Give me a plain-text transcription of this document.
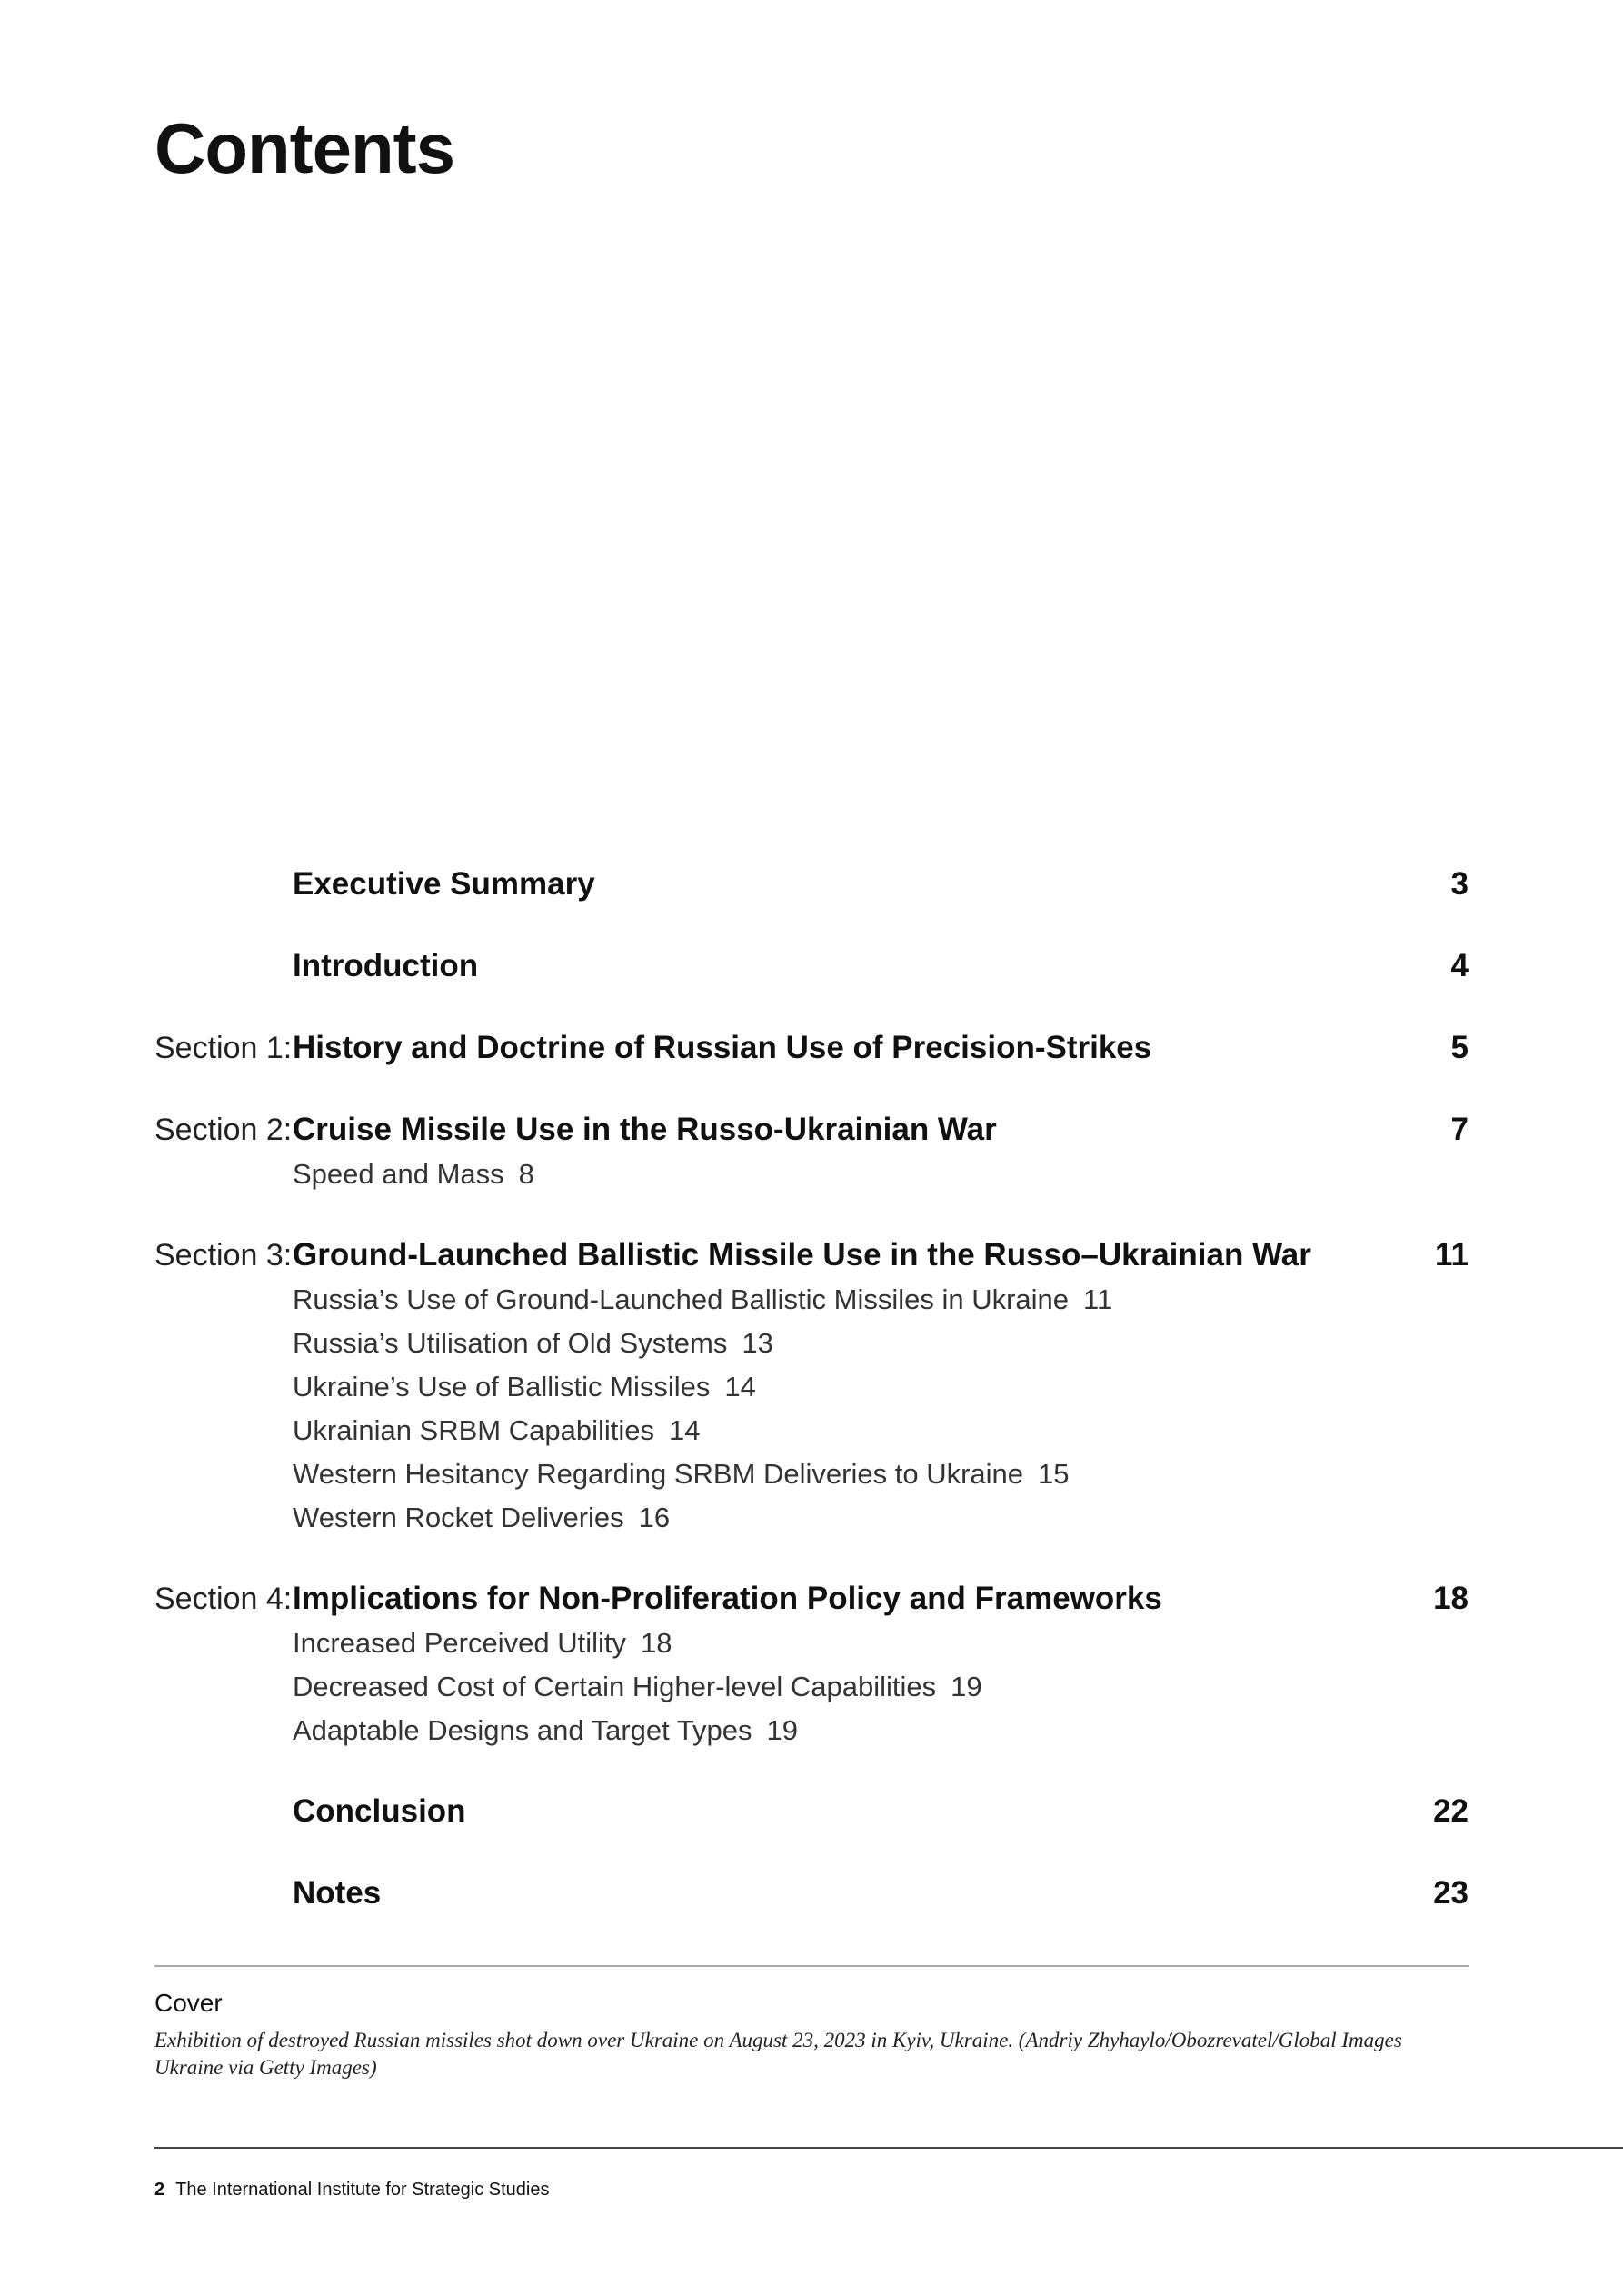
Contents
Executive Summary	3
Introduction	4
Section 1: History and Doctrine of Russian Use of Precision-Strikes	5
Section 2: Cruise Missile Use in the Russo-Ukrainian War	7
Speed and Mass 8
Section 3: Ground-Launched Ballistic Missile Use in the Russo–Ukrainian War	11
Russia’s Use of Ground-Launched Ballistic Missiles in Ukraine 11
Russia’s Utilisation of Old Systems 13
Ukraine’s Use of Ballistic Missiles 14
Ukrainian SRBM Capabilities 14
Western Hesitancy Regarding SRBM Deliveries to Ukraine 15
Western Rocket Deliveries 16
Section 4: Implications for Non-Proliferation Policy and Frameworks	18
Increased Perceived Utility 18
Decreased Cost of Certain Higher-level Capabilities 19
Adaptable Designs and Target Types 19
Conclusion	22
Notes	23
Cover
Exhibition of destroyed Russian missiles shot down over Ukraine on August 23, 2023 in Kyiv, Ukraine. (Andriy Zhyhaylo/Obozrevatel/Global Images Ukraine via Getty Images)
2 The International Institute for Strategic Studies
